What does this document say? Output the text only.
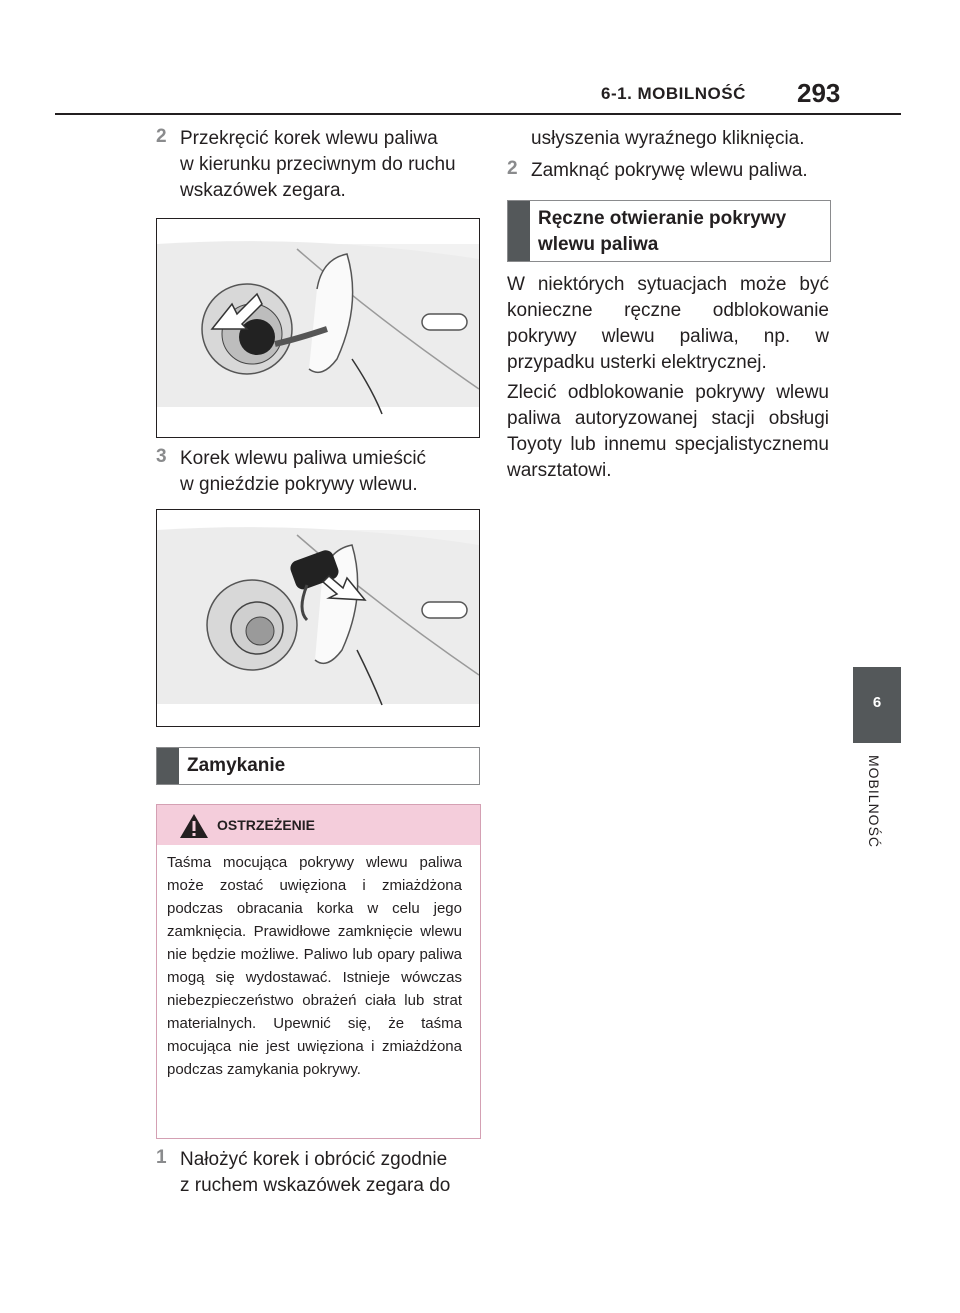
6-1. MOBILNOŚĆ 293
6
MOBILNOŚĆ
2 Przekręcić korek wlewu paliwa
w kierunku przeciwnym do ruchu
wskazówek zegara.
3 Korek wlewu paliwa umieścić
w gnieździe pokrywy wlewu.
Zamykanie
OSTRZEŻENIE
Taśma mocująca pokrywy wlewu paliwa może zostać uwięziona i zmiażdżona podczas obracania korka w celu jego zamknięcia. Prawidłowe zamknięcie wlewu nie będzie możliwe. Paliwo lub opary paliwa mogą się wydostawać. Istnieje wówczas niebezpieczeństwo obrażeń ciała lub strat materialnych. Upewnić się, że taśma mocująca nie jest uwięziona i zmiażdżona podczas zamykania pokrywy.
1 Nałożyć korek i obrócić zgodnie
z ruchem wskazówek zegara do
usłyszenia wyraźnego kliknięcia.
2 Zamknąć pokrywę wlewu paliwa.
Ręczne otwieranie pokrywy
wlewu paliwa
W niektórych sytuacjach może być konieczne ręczne odblokowanie pokrywy wlewu paliwa, np. w przypadku usterki elektrycznej.
Zlecić odblokowanie pokrywy wlewu paliwa autoryzowanej stacji obsługi Toyoty lub innemu specjalistycznemu warsztatowi.
